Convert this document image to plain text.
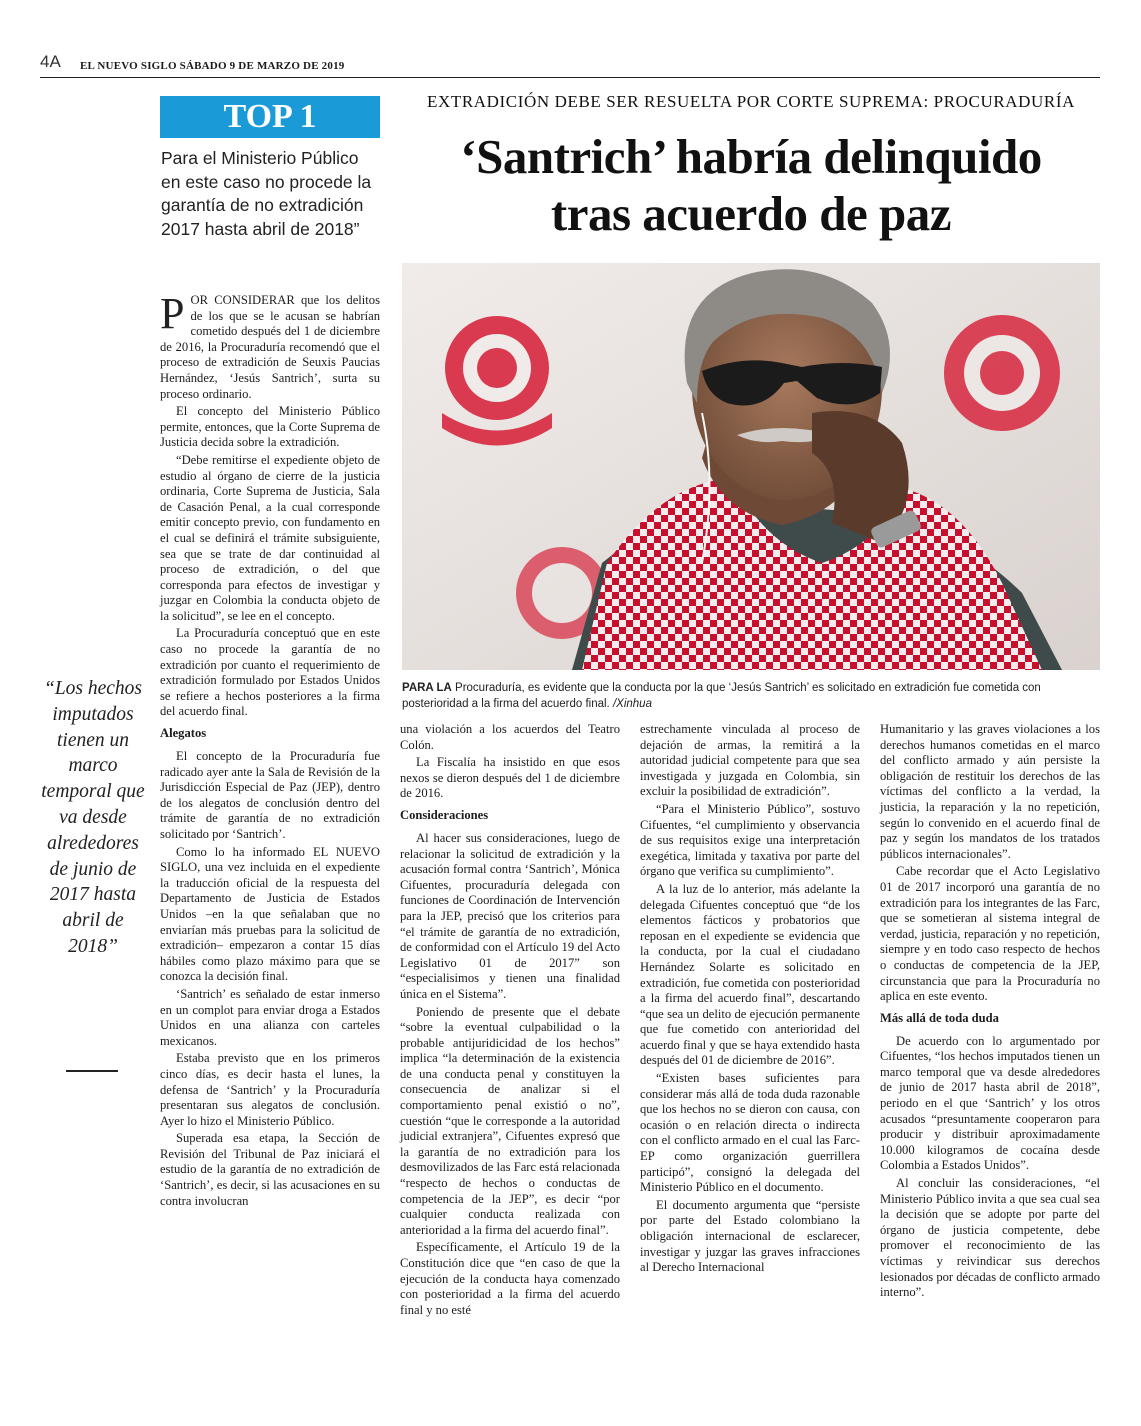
4A EL NUEVO SIGLO SÁBADO 9 DE MARZO DE 2019
TOP 1
Para el Ministerio Público en este caso no procede la garantía de no extradición 2017 hasta abril de 2018”
EXTRADICIÓN DEBE SER RESUELTA POR CORTE SUPREMA: PROCURADURÍA
‘Santrich’ habría delinquido
tras acuerdo de paz
PARA LA Procuraduría, es evidente que la conducta por la que ‘Jesús Santrich’ es solicitado en extradición fue cometida con posterioridad a la firma del acuerdo final. /Xinhua
“Los hechos imputados tienen un marco temporal que va desde alrededores de junio de 2017 hasta abril de 2018”

POR CONSIDERAR que los delitos de los que se le acusan se habrían cometido después del 1 de diciembre de 2016, la Procuraduría recomendó que el proceso de extradición de Seuxis Paucias Hernández, ‘Jesús Santrich’, surta su proceso ordinario.

El concepto del Ministerio Público permite, entonces, que la Corte Suprema de Justicia decida sobre la extradición.

“Debe remitirse el expediente objeto de estudio al órgano de cierre de la justicia ordinaria, Corte Suprema de Justicia, Sala de Casación Penal, a la cual corresponde emitir concepto previo, con fundamento en el cual se definirá el trámite subsiguiente, sea que se trate de dar continuidad al proceso de extradición, o del que corresponda para efectos de investigar y juzgar en Colombia la conducta objeto de la solicitud”, se lee en el concepto.

La Procuraduría conceptuó que en este caso no procede la garantía de no extradición por cuanto el requerimiento de extradición formulado por Estados Unidos se refiere a hechos posteriores a la firma del acuerdo final.

Alegatos

El concepto de la Procuraduría fue radicado ayer ante la Sala de Revisión de la Jurisdicción Especial de Paz (JEP), dentro de los alegatos de conclusión dentro del trámite de garantía de no extradición solicitado por ‘Santrich’.

Como lo ha informado EL NUEVO SIGLO, una vez incluida en el expediente la traducción oficial de la respuesta del Departamento de Justicia de Estados Unidos –en la que señalaban que no enviarían más pruebas para la solicitud de extradición– empezaron a contar 15 días hábiles como plazo máximo para que se conozca la decisión final.

‘Santrich’ es señalado de estar inmerso en un complot para enviar droga a Estados Unidos en una alianza con carteles mexicanos.

Estaba previsto que en los primeros cinco días, es decir hasta el lunes, la defensa de ‘Santrich’ y la Procuraduría presentaran sus alegatos de conclusión. Ayer lo hizo el Ministerio Público.

Superada esa etapa, la Sección de Revisión del Tribunal de Paz iniciará el estudio de la garantía de no extradición de ‘Santrich’, es decir, si las acusaciones en su contra involucran

una violación a los acuerdos del Teatro Colón.

La Fiscalía ha insistido en que esos nexos se dieron después del 1 de diciembre de 2016.

Consideraciones

Al hacer sus consideraciones, luego de relacionar la solicitud de extradición y la acusación formal contra ‘Santrich’, Mónica Cifuentes, procuraduría delegada con funciones de Coordinación de Intervención para la JEP, precisó que los criterios para “el trámite de garantía de no extradición, de conformidad con el Artículo 19 del Acto Legislativo 01 de 2017” son “especialisimos y tienen una finalidad única en el Sistema”.

Poniendo de presente que el debate “sobre la eventual culpabilidad o la probable antijuridicidad de los hechos” implica “la determinación de la existencia de una conducta penal y constituyen la consecuencia de analizar si el comportamiento penal existió o no”, cuestión “que le corresponde a la autoridad judicial extranjera”, Cifuentes expresó que la garantía de no extradición para los desmovilizados de las Farc está relacionada “respecto de hechos o conductas de competencia de la JEP”, es decir “por cualquier conducta realizada con anterioridad a la firma del acuerdo final”.

Específicamente, el Artículo 19 de la Constitución dice que “en caso de que la ejecución de la conducta haya comenzado con posterioridad a la firma del acuerdo final y no esté

estrechamente vinculada al proceso de dejación de armas, la remitirá a la autoridad judicial competente para que sea investigada y juzgada en Colombia, sin excluir la posibilidad de extradición”.

“Para el Ministerio Público”, sostuvo Cifuentes, “el cumplimiento y observancia de sus requisitos exige una interpretación exegética, limitada y taxativa por parte del órgano que verifica su cumplimiento”.

A la luz de lo anterior, más adelante la delegada Cifuentes conceptuó que “de los elementos fácticos y probatorios que reposan en el expediente se evidencia que la conducta, por la cual el ciudadano Hernández Solarte es solicitado en extradición, fue cometida con posterioridad a la firma del acuerdo final”, descartando “que sea un delito de ejecución permanente que fue cometido con anterioridad del acuerdo final y que se haya extendido hasta después del 01 de diciembre de 2016”.

“Existen bases suficientes para considerar más allá de toda duda razonable que los hechos no se dieron con causa, con ocasión o en relación directa o indirecta con el conflicto armado en el cual las Farc-EP como organización guerrillera participó”, consignó la delegada del Ministerio Público en el documento.

El documento argumenta que “persiste por parte del Estado colombiano la obligación internacional de esclarecer, investigar y juzgar las graves infracciones al Derecho Internacional

Humanitario y las graves violaciones a los derechos humanos cometidas en el marco del conflicto armado y aún persiste la obligación de restituir los derechos de las víctimas del conflicto a la verdad, la justicia, la reparación y la no repetición, según lo convenido en el acuerdo final de paz y según los mandatos de los tratados públicos internacionales”.

Cabe recordar que el Acto Legislativo 01 de 2017 incorporó una garantía de no extradición para los integrantes de las Farc, que se sometieran al sistema integral de verdad, justicia, reparación y no repetición, siempre y en todo caso respecto de hechos o conductas de competencia de la JEP, circunstancia que para la Procuraduría no aplica en este evento.

Más allá de toda duda

De acuerdo con lo argumentado por Cifuentes, “los hechos imputados tienen un marco temporal que va desde alrededores de junio de 2017 hasta abril de 2018”, periodo en el que ‘Santrich’ y los otros acusados “presuntamente cooperaron para producir y distribuir aproximadamente 10.000 kilogramos de cocaína desde Colombia a Estados Unidos”.

Al concluir las consideraciones, “el Ministerio Público invita a que sea cual sea la decisión que se adopte por parte del órgano de justicia competente, debe promover el reconocimiento de las víctimas y reivindicar sus derechos lesionados por décadas de conflicto armado interno”.
